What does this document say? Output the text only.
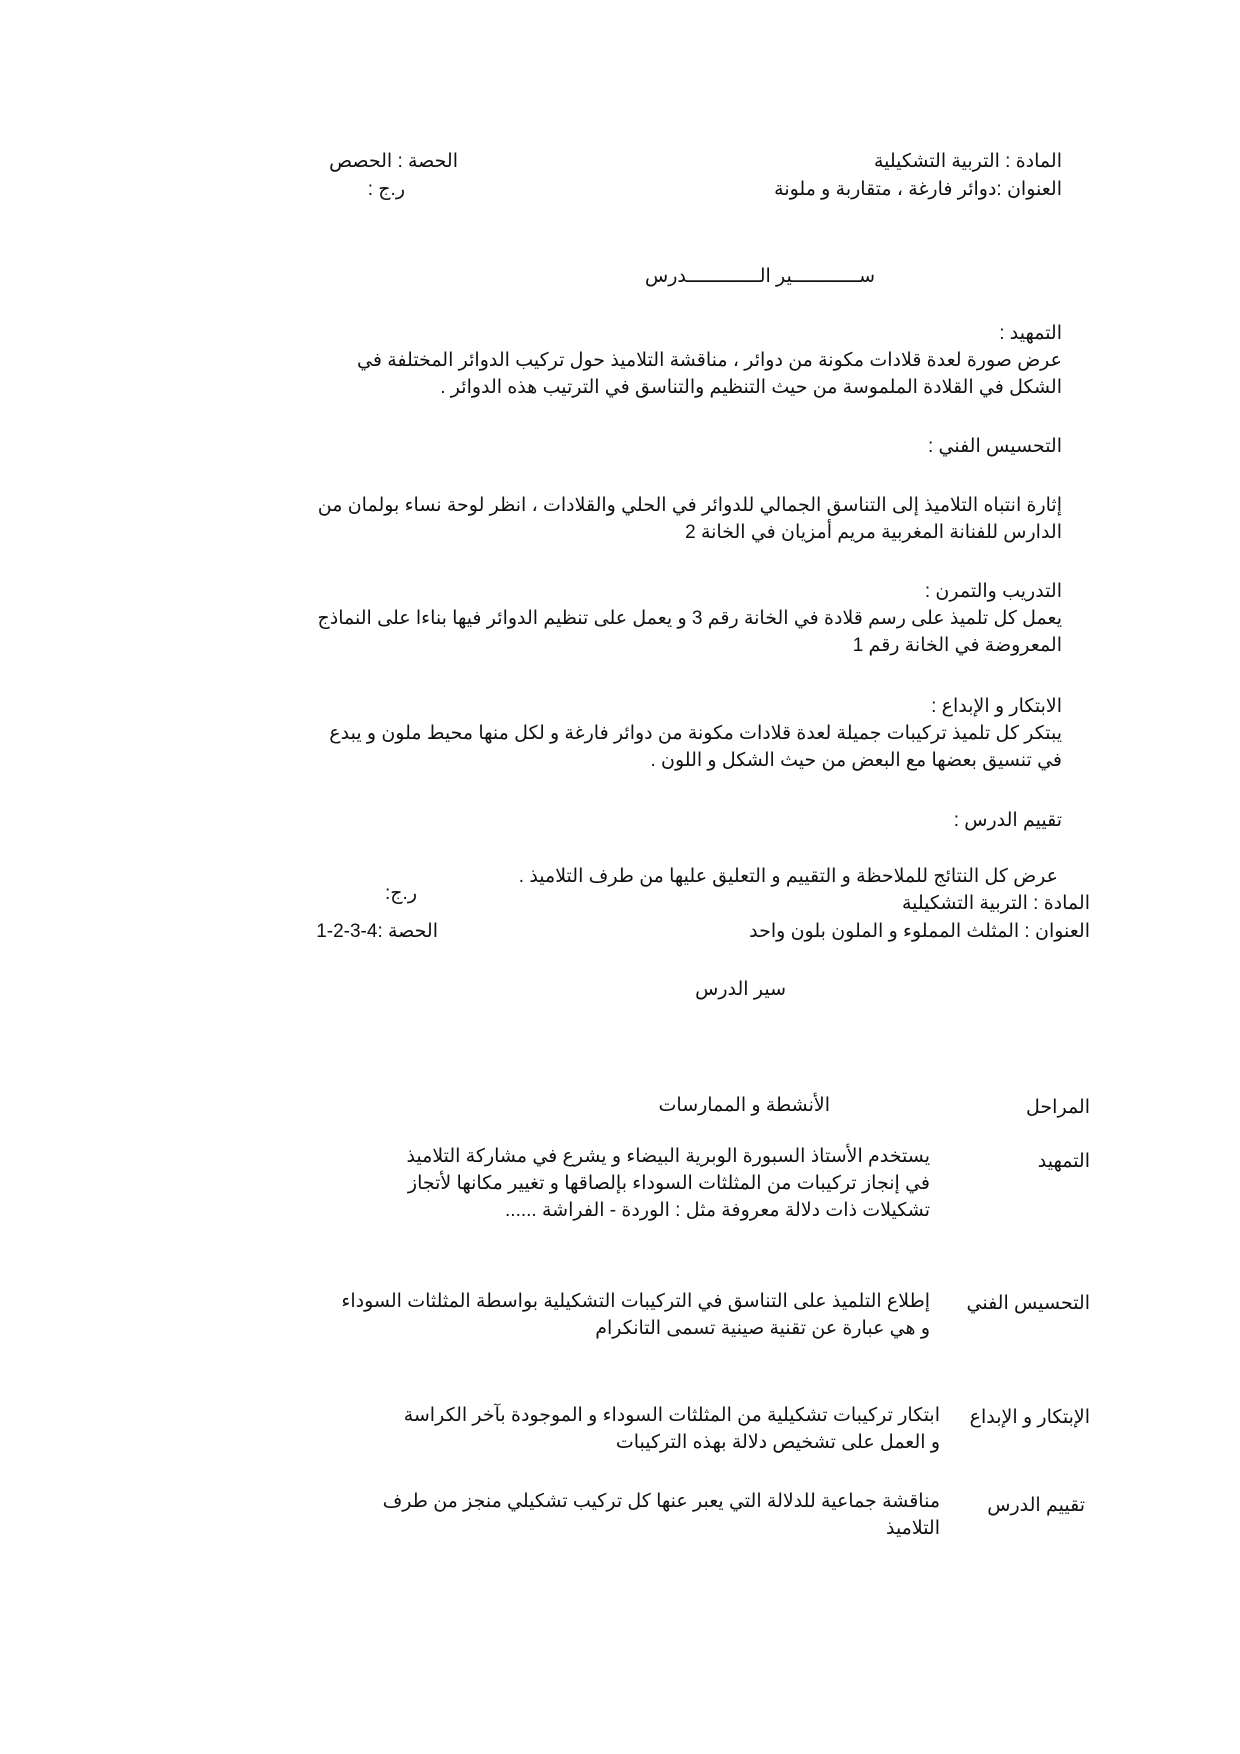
المادة : التربية التشكيلية
الحصة : الحصص
العنوان :دوائر فارغة ، متقاربة و ملونة
ر.ج :
ســــــــــــير الـــــــــــــدرس
التمهيد :
عرض صورة لعدة قلادات مكونة من دوائر ، مناقشة التلاميذ حول تركيب الدوائر المختلفة في
الشكل في القلادة الملموسة من حيث التنظيم والتناسق في الترتيب هذه الدوائر .
التحسيس الفني :
إثارة انتباه التلاميذ إلى التناسق الجمالي للدوائر في الحلي والقلادات ، انظر لوحة نساء بولمان من
الدارس للفنانة المغربية مريم أمزيان في الخانة 2
التدريب والتمرن :
يعمل كل تلميذ على رسم قلادة في الخانة رقم 3 و يعمل على تنظيم الدوائر فيها بناءا على النماذج
المعروضة في الخانة رقم 1
الابتكار و الإبداع :
يبتكر كل تلميذ تركيبات جميلة لعدة قلادات مكونة من دوائر فارغة و لكل منها محيط ملون و يبدع
في تنسيق بعضها مع البعض من حيث الشكل و اللون .
تقييم الدرس :
عرض كل النتائج للملاحظة و التقييم و التعليق عليها من طرف التلاميذ .
المادة : التربية التشكيلية
ر.ج:
العنوان : المثلث المملوء و الملون بلون واحد
الحصة :1-2-3-4
سير الدرس
المراحل
الأنشطة و الممارسات
التمهيد
يستخدم الأستاذ السبورة الوبرية البيضاء و يشرع في مشاركة التلاميذ
في إنجاز تركيبات من المثلثات السوداء بإلصاقها و تغيير مكانها لأتجاز
تشكيلات ذات دلالة معروفة مثل : الوردة - الفراشة ......
التحسيس الفني
إطلاع التلميذ على التناسق في التركيبات التشكيلية بواسطة المثلثات السوداء
و هي عبارة عن تقنية صينية تسمى التانكرام
الإبتكار و الإبداع
ابتكار تركيبات تشكيلية من المثلثات السوداء و الموجودة بآخر الكراسة
و العمل على تشخيص دلالة بهذه التركيبات
تقييم الدرس
مناقشة جماعية للدلالة التي يعبر عنها كل تركيب تشكيلي منجز من طرف
التلاميذ
